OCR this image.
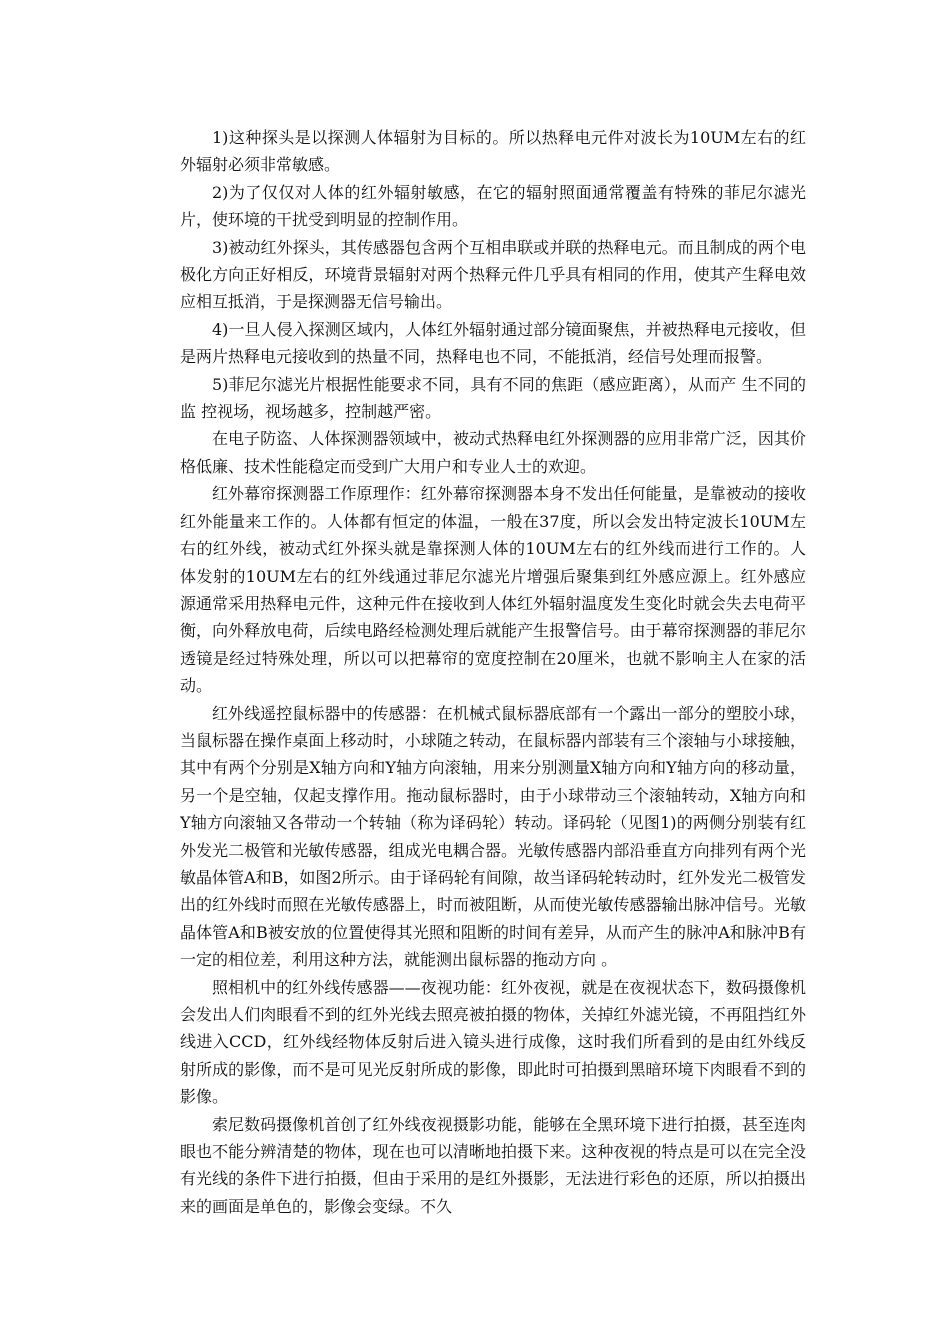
1)这种探头是以探测人体辐射为目标的。所以热释电元件对波长为10UM左右的红外辐射必须非常敏感。

2)为了仅仅对人体的红外辐射敏感，在它的辐射照面通常覆盖有特殊的菲尼尔滤光片，使环境的干扰受到明显的控制作用。

3)被动红外探头，其传感器包含两个互相串联或并联的热释电元。而且制成的两个电极化方向正好相反，环境背景辐射对两个热释元件几乎具有相同的作用，使其产生释电效 应相互抵消，于是探测器无信号输出。

4)一旦人侵入探测区域内，人体红外辐射通过部分镜面聚焦，并被热释电元接收，但是两片热释电元接收到的热量不同，热释电也不同，不能抵消，经信号处理而报警。

5)菲尼尔滤光片根据性能要求不同，具有不同的焦距（感应距离），从而产 生不同的监 控视场，视场越多，控制越严密。

在电子防盗、人体探测器领域中，被动式热释电红外探测器的应用非常广泛，因其价格低廉、技术性能稳定而受到广大用户和专业人士的欢迎。

红外幕帘探测器工作原理作：红外幕帘探测器本身不发出任何能量，是靠被动的接收红外能量来工作的。人体都有恒定的体温，一般在37度，所以会发出特定波长10UM左右的红外线，被动式红外探头就是靠探测人体的10UM左右的红外线而进行工作的。人体发射的10UM左右的红外线通过菲尼尔滤光片增强后聚集到红外感应源上。红外感应源通常采用热释电元件，这种元件在接收到人体红外辐射温度发生变化时就会失去电荷平衡，向外释放电荷，后续电路经检测处理后就能产生报警信号。由于幕帘探测器的菲尼尔透镜是经过特殊处理，所以可以把幕帘的宽度控制在20厘米，也就不影响主人在家的活动。

红外线遥控鼠标器中的传感器：在机械式鼠标器底部有一个露出一部分的塑胶小球，当鼠标器在操作桌面上移动时，小球随之转动，在鼠标器内部装有三个滚轴与小球接触，其中有两个分别是X轴方向和Y轴方向滚轴，用来分别测量X轴方向和Y轴方向的移动量，另一个是空轴，仅起支撑作用。拖动鼠标器时，由于小球带动三个滚轴转动，X轴方向和Y轴方向滚轴又各带动一个转轴（称为译码轮）转动。译码轮（见图1)的两侧分别装有红外发光二极管和光敏传感器，组成光电耦合器。光敏传感器内部沿垂直方向排列有两个光敏晶体管A和B，如图2所示。由于译码轮有间隙，故当译码轮转动时，红外发光二极管发出的红外线时而照在光敏传感器上，时而被阻断，从而使光敏传感器输出脉冲信号。光敏晶体管A和B被安放的位置使得其光照和阻断的时间有差异，从而产生的脉冲A和脉冲B有一定的相位差，利用这种方法，就能测出鼠标器的拖动方向 。

照相机中的红外线传感器——夜视功能：红外夜视，就是在夜视状态下，数码摄像机会发出人们肉眼看不到的红外光线去照亮被拍摄的物体，关掉红外滤光镜，不再阻挡红外线进入CCD，红外线经物体反射后进入镜头进行成像，这时我们所看到的是由红外线反射所成的影像，而不是可见光反射所成的影像，即此时可拍摄到黑暗环境下肉眼看不到的影像。

索尼数码摄像机首创了红外线夜视摄影功能，能够在全黑环境下进行拍摄，甚至连肉眼也不能分辨清楚的物体，现在也可以清晰地拍摄下来。这种夜视的特点是可以在完全没有光线的条件下进行拍摄，但由于采用的是红外摄影，无法进行彩色的还原，所以拍摄出来的画面是单色的，影像会变绿。不久
